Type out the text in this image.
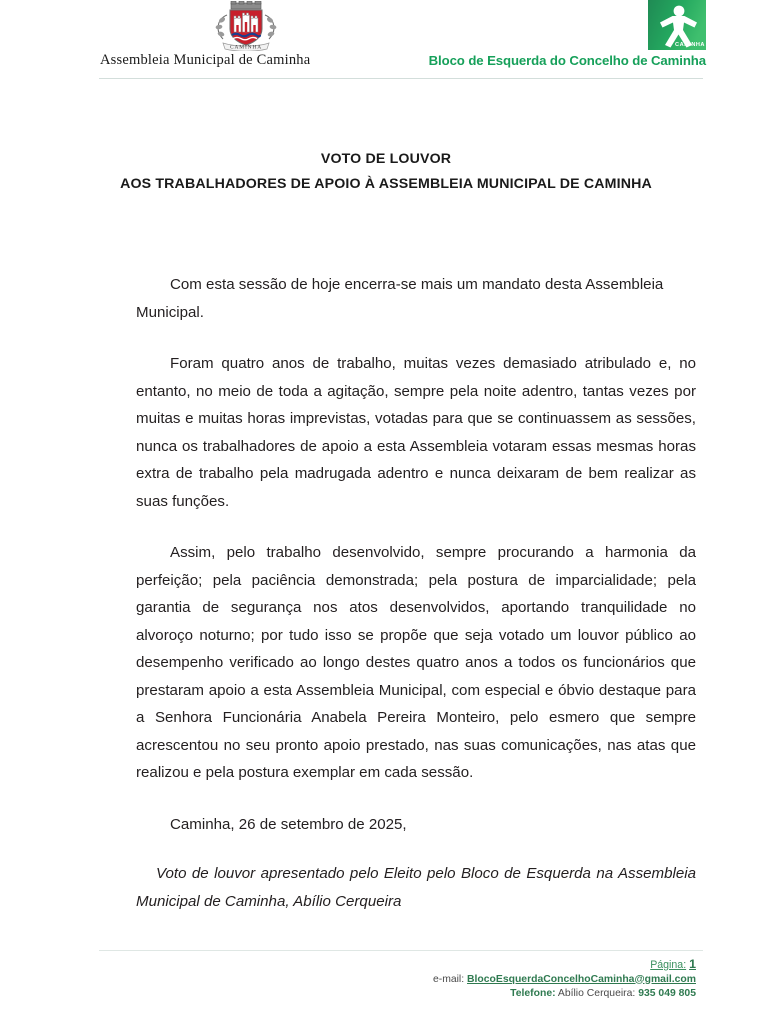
CAMINHA
Assembleia Municipal de Caminha
CAMINHA
Bloco de Esquerda do Concelho de Caminha
VOTO DE LOUVOR
AOS TRABALHADORES DE APOIO À ASSEMBLEIA MUNICIPAL DE CAMINHA

Com esta sessão de hoje encerra-se mais um mandato desta Assembleia Municipal.

Foram quatro anos de trabalho, muitas vezes demasiado atribulado e, no entanto, no meio de toda a agitação, sempre pela noite adentro, tantas vezes por muitas e muitas horas imprevistas, votadas para que se continuassem as sessões, nunca os trabalhadores de apoio a esta Assembleia votaram essas mesmas horas extra de trabalho pela madrugada adentro e nunca deixaram de bem realizar as suas funções.

Assim, pelo trabalho desenvolvido, sempre procurando a harmonia da perfeição; pela paciência demonstrada; pela postura de imparcialidade; pela garantia de segurança nos atos desenvolvidos, aportando tranquilidade no alvoroço noturno; por tudo isso se propõe que seja votado um louvor público ao desempenho verificado ao longo destes quatro anos a todos os funcionários que prestaram apoio a esta Assembleia Municipal, com especial e óbvio destaque para a Senhora Funcionária Anabela Pereira Monteiro, pelo esmero que sempre acrescentou no seu pronto apoio prestado, nas suas comunicações, nas atas que realizou e pela postura exemplar em cada sessão.

Caminha, 26 de setembro de 2025,

Voto de louvor apresentado pelo Eleito pelo Bloco de Esquerda na Assembleia Municipal de Caminha, Abílio Cerqueira

Página: 1
e-mail: BlocoEsquerdaConcelhoCaminha@gmail.com
Telefone: Abílio Cerqueira: 935 049 805
